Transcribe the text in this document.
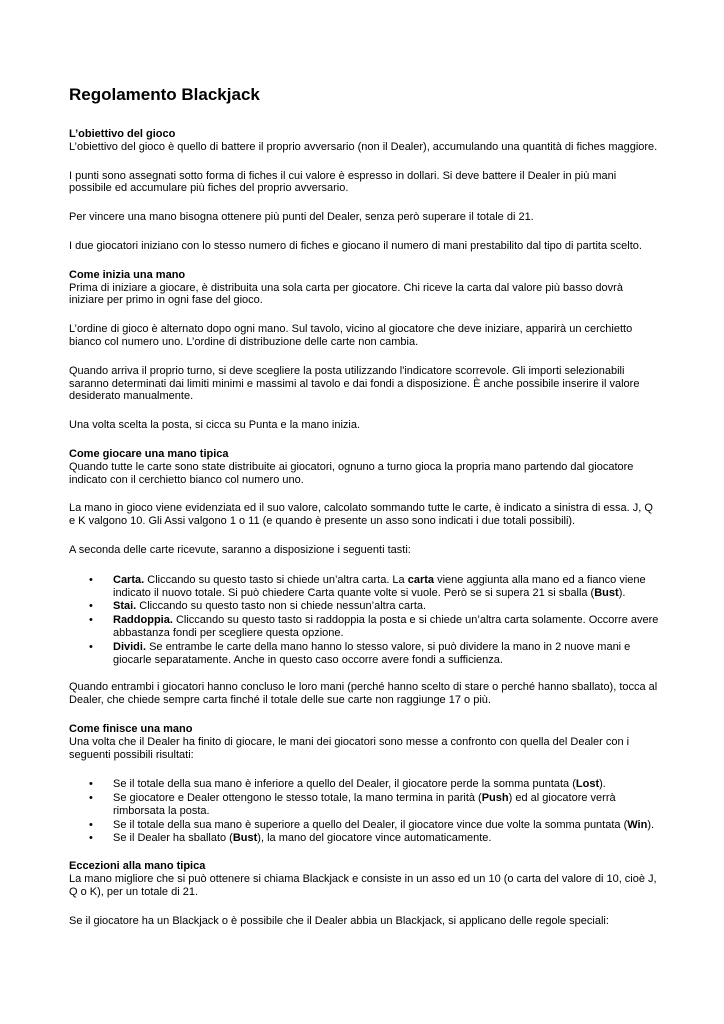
Regolamento Blackjack

L’obiettivo del gioco
L’obiettivo del gioco è quello di battere il proprio avversario (non il Dealer), accumulando una quantità di fiches maggiore.

I punti sono assegnati sotto forma di fiches il cui valore è espresso in dollari. Si deve battere il Dealer in più mani possibile ed accumulare più fiches del proprio avversario.

Per vincere una mano bisogna ottenere più punti del Dealer, senza però superare il totale di 21.

I due giocatori iniziano con lo stesso numero di fiches e giocano il numero di mani prestabilito dal tipo di partita scelto.

Come inizia una mano
Prima di iniziare a giocare, è distribuita una sola carta per giocatore. Chi riceve la carta dal valore più basso dovrà iniziare per primo in ogni fase del gioco.

L’ordine di gioco è alternato dopo ogni mano. Sul tavolo, vicino al giocatore che deve iniziare, apparirà un cerchietto bianco col numero uno. L’ordine di distribuzione delle carte non cambia.

Quando arriva il proprio turno, si deve scegliere la posta utilizzando l'indicatore scorrevole. Gli importi selezionabili saranno determinati dai limiti minimi e massimi al tavolo e dai fondi a disposizione. È anche possibile inserire il valore desiderato manualmente.

Una volta scelta la posta, si cicca su Punta e la mano inizia.

Come giocare una mano tipica
Quando tutte le carte sono state distribuite ai giocatori, ognuno a turno gioca la propria mano partendo dal giocatore indicato con il cerchietto bianco col numero uno.

La mano in gioco viene evidenziata ed il suo valore, calcolato sommando tutte le carte, è indicato a sinistra di essa. J, Q e K valgono 10. Gli Assi valgono 1 o 11 (e quando è presente un asso sono indicati i due totali possibili).

A seconda delle carte ricevute, saranno a disposizione i seguenti tasti:

• Carta. Cliccando su questo tasto si chiede un’altra carta. La carta viene aggiunta alla mano ed a fianco viene indicato il nuovo totale. Si può chiedere Carta quante volte si vuole. Però se si supera 21 si sballa (Bust).
• Stai. Cliccando su questo tasto non si chiede nessun’altra carta.
• Raddoppia. Cliccando su questo tasto si raddoppia la posta e si chiede un’altra carta solamente. Occorre avere abbastanza fondi per scegliere questa opzione.
• Dividi. Se entrambe le carte della mano hanno lo stesso valore, si può dividere la mano in 2 nuove mani e giocarle separatamente. Anche in questo caso occorre avere fondi a sufficienza.

Quando entrambi i giocatori hanno concluso le loro mani (perché hanno scelto di stare o perché hanno sballato), tocca al Dealer, che chiede sempre carta finché il totale delle sue carte non raggiunge 17 o più.

Come finisce una mano
Una volta che il Dealer ha finito di giocare, le mani dei giocatori sono messe a confronto con quella del Dealer con i seguenti possibili risultati:

• Se il totale della sua mano è inferiore a quello del Dealer, il giocatore perde la somma puntata (Lost).
• Se giocatore e Dealer ottengono le stesso totale, la mano termina in parità (Push) ed al giocatore verrà rimborsata la posta.
• Se il totale della sua mano è superiore a quello del Dealer, il giocatore vince due volte la somma puntata (Win).
• Se il Dealer ha sballato (Bust), la mano del giocatore vince automaticamente.

Eccezioni alla mano tipica
La mano migliore che si può ottenere si chiama Blackjack e consiste in un asso ed un 10 (o carta del valore di 10, cioè J, Q o K), per un totale di 21.

Se il giocatore ha un Blackjack o è possibile che il Dealer abbia un Blackjack, si applicano delle regole speciali:
